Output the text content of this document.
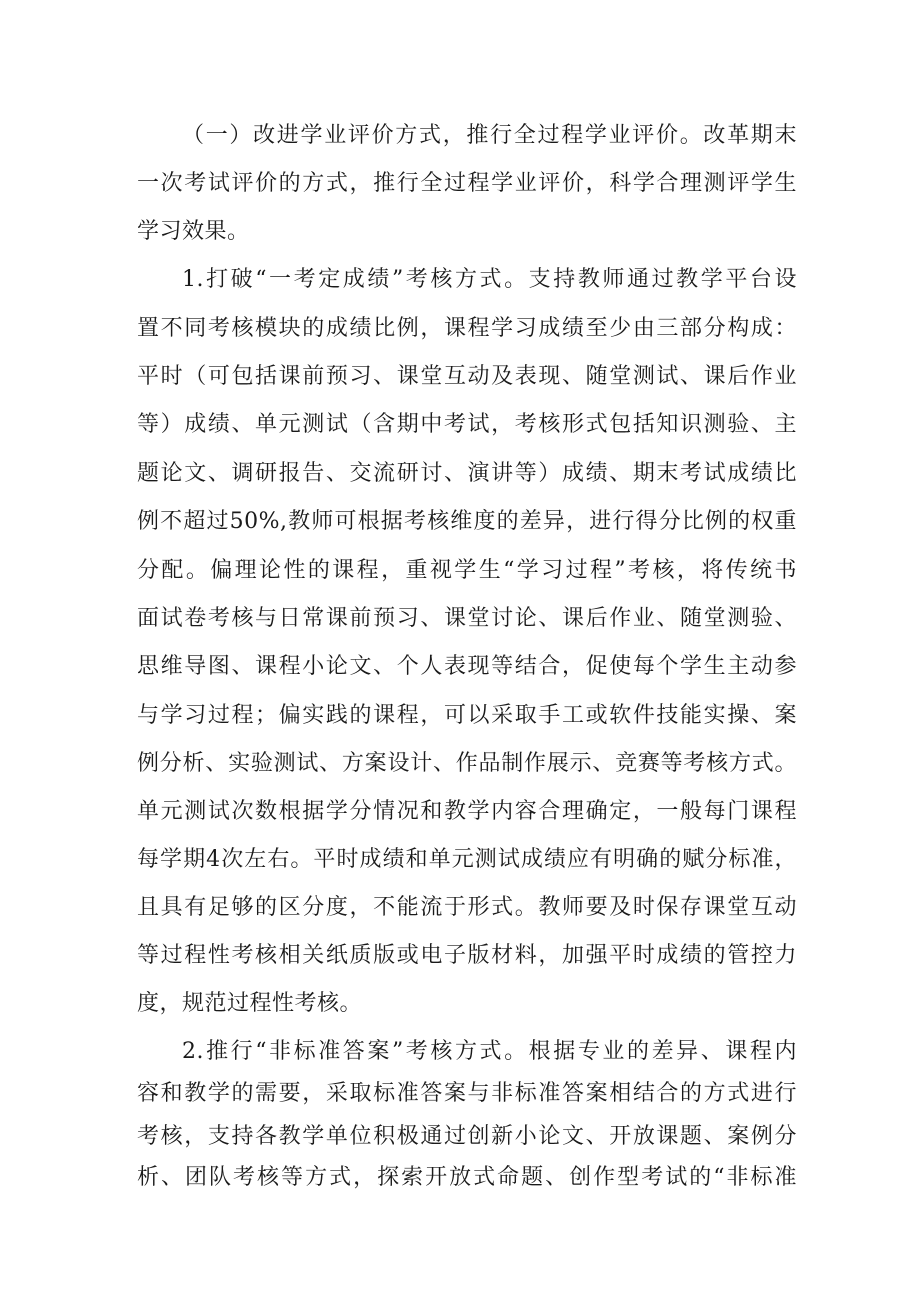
（一）改进学业评价方式，推行全过程学业评价。改革期末
一次考试评价的方式，推行全过程学业评价，科学合理测评学生
学习效果。
1.打破“一考定成绩”考核方式。支持教师通过教学平台设
置不同考核模块的成绩比例，课程学习成绩至少由三部分构成：
平时（可包括课前预习、课堂互动及表现、随堂测试、课后作业
等）成绩、单元测试（含期中考试，考核形式包括知识测验、主
题论文、调研报告、交流研讨、演讲等）成绩、期末考试成绩比
例不超过50%,教师可根据考核维度的差异，进行得分比例的权重
分配。偏理论性的课程，重视学生“学习过程”考核，将传统书
面试卷考核与日常课前预习、课堂讨论、课后作业、随堂测验、
思维导图、课程小论文、个人表现等结合，促使每个学生主动参
与学习过程；偏实践的课程，可以采取手工或软件技能实操、案
例分析、实验测试、方案设计、作品制作展示、竞赛等考核方式。
单元测试次数根据学分情况和教学内容合理确定，一般每门课程
每学期4次左右。平时成绩和单元测试成绩应有明确的赋分标准，
且具有足够的区分度，不能流于形式。教师要及时保存课堂互动
等过程性考核相关纸质版或电子版材料，加强平时成绩的管控力
度，规范过程性考核。
2.推行“非标准答案”考核方式。根据专业的差异、课程内
容和教学的需要，采取标准答案与非标准答案相结合的方式进行
考核，支持各教学单位积极通过创新小论文、开放课题、案例分
析、团队考核等方式，探索开放式命题、创作型考试的“非标准
